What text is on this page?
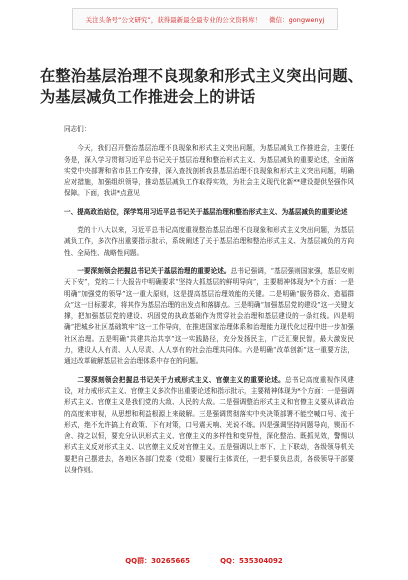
关注头条号“公文研究”，获得最新最全最专业的公文资料库！ 微信：gongwenyj
在整治基层治理不良现象和形式主义突出问题、为基层减负工作推进会上的讲话
同志们：

今天，我们召开整治基层治理不良现象和形式主义突出问题，为基层减负工作推进会，主要任务是，深入学习贯彻习近平总书记关于基层治理和整治形式主义、为基层减负的重要论述，全面落实党中央部署和省市县工作安排，深入查找剖析我县基层治理不良现象和形式主义突出问题，明确应对措施，加强组织领导，推动基层减负工作取得实效，为社会主义现代化新**建设提供坚强作风保障。下面，我讲*点意见

一、提高政治站位，深学笃用习近平总书记关于基层治理和整治形式主义、为基层减负的重要论述

党的十八大以来，习近平总书记高度重视整治基层治理不良现象和形式主义突出问题，为基层减负工作，多次作出重要指示批示，系统阐述了关于基层治理和整治形式主义、为基层减负的方向性、全局性、战略性问题。

一要深刻领会把握总书记关于基层治理的重要论述。总书记强调，“基层强则国家强，基层安则天下安”，党的二十大报告中明确要求“坚持大抓基层的鲜明导向”，主要精神体现为*个方面：一是明确“加强党的领导”这一重大原则，这是提高基层治理效能的关键。二是明确“服务群众、造福群众”这一目标要求，将其作为基层治理的出发点和落脚点。三是明确“加强基层党的建设”这一关键支撑，把加强基层党的建设、巩固党的执政基础作为贯穿社会治理和基层建设的一条红线。四是明确“把城乡社区基础筑牢”这一工作导向，在推进国家治理体系和治理能力现代化过程中进一步加强社区治理。五是明确“共建共治共享”这一实践路径，充分发扬民主，广泛汇聚民智，最大激发民力，建设人人有责、人人尽责、人人享有的社会治理共同体。六是明确“改革创新”这一重要方法，通过改革破解基层社会治理体系中存在的问题。

二要深刻领会把握总书记关于力戒形式主义、官僚主义的重要论述。总书记高度重视作风建设，对力戒形式主义、官僚主义多次作出重要论述和指示批示，主要精神体现为*个方面：一是强调形式主义、官僚主义是我们党的大敌、人民的大敌。二是强调整治形式主义和官僚主义要从讲政治的高度来审视，从思想和利益根源上来破解。三是强调贯彻落实中央决策部署不能空喊口号、流于形式，绝不允许搞上有政策、下有对策，口号震天响、光说不练。四是强调坚持问题导向，锲而不舍、持之以恒，要充分认识形式主义、官僚主义的多样性和变异性，深化整治、既抓见效，警惕以形式主义反对形式主义、以官僚主义反对官僚主义。五是强调以上率下、上下联动，各级领导机关要把自己摆进去，各地区各部门党委（党组）要履行主体责任，一把手要负总责，各级领导干部要以身作则。

QQ群：30265665	QQ：535304092
